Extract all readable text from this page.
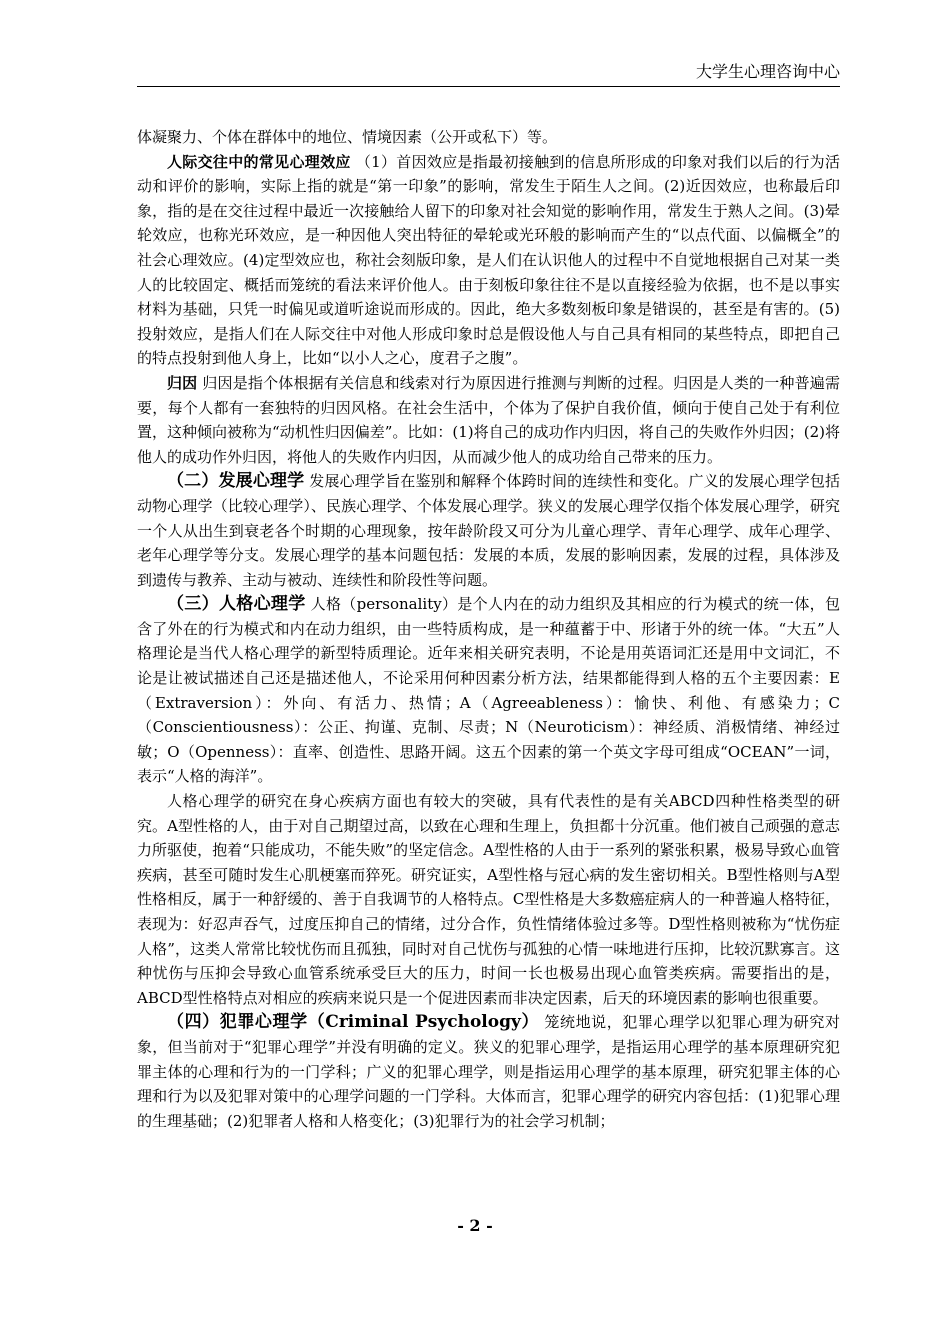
大学生心理咨询中心

体凝聚力、个体在群体中的地位、情境因素（公开或私下）等。

人际交往中的常见心理效应 （1）首因效应是指最初接触到的信息所形成的印象对我们以后的行为活动和评价的影响，实际上指的就是“第一印象”的影响，常发生于陌生人之间。(2)近因效应，也称最后印象，指的是在交往过程中最近一次接触给人留下的印象对社会知觉的影响作用，常发生于熟人之间。(3)晕轮效应，也称光环效应，是一种因他人突出特征的晕轮或光环般的影响而产生的“以点代面、以偏概全”的社会心理效应。(4)定型效应也，称社会刻版印象，是人们在认识他人的过程中不自觉地根据自己对某一类人的比较固定、概括而笼统的看法来评价他人。由于刻板印象往往不是以直接经验为依据，也不是以事实材料为基础，只凭一时偏见或道听途说而形成的。因此，绝大多数刻板印象是错误的，甚至是有害的。(5)投射效应，是指人们在人际交往中对他人形成印象时总是假设他人与自己具有相同的某些特点，即把自己的特点投射到他人身上，比如“以小人之心，度君子之腹”。

归因 归因是指个体根据有关信息和线索对行为原因进行推测与判断的过程。归因是人类的一种普遍需要，每个人都有一套独特的归因风格。在社会生活中，个体为了保护自我价值，倾向于使自己处于有利位置，这种倾向被称为“动机性归因偏差”。比如：(1)将自己的成功作内归因，将自己的失败作外归因；(2)将他人的成功作外归因，将他人的失败作内归因，从而减少他人的成功给自己带来的压力。

（二）发展心理学 发展心理学旨在鉴别和解释个体跨时间的连续性和变化。广义的发展心理学包括动物心理学（比较心理学）、民族心理学、个体发展心理学。狭义的发展心理学仅指个体发展心理学，研究一个人从出生到衰老各个时期的心理现象，按年龄阶段又可分为儿童心理学、青年心理学、成年心理学、老年心理学等分支。发展心理学的基本问题包括：发展的本质，发展的影响因素，发展的过程，具体涉及到遗传与教养、主动与被动、连续性和阶段性等问题。

（三）人格心理学 人格（personality）是个人内在的动力组织及其相应的行为模式的统一体，包含了外在的行为模式和内在动力组织，由一些特质构成，是一种蕴蓄于中、形诸于外的统一体。“大五”人格理论是当代人格心理学的新型特质理论。近年来相关研究表明，不论是用英语词汇还是用中文词汇，不论是让被试描述自己还是描述他人，不论采用何种因素分析方法，结果都能得到人格的五个主要因素：E（Extraversion）：外向、有活力、热情；A（Agreeableness）：愉快、利他、有感染力；C（Conscientiousness）：公正、拘谨、克制、尽责；N（Neuroticism）：神经质、消极情绪、神经过敏；O（Openness）：直率、创造性、思路开阔。这五个因素的第一个英文字母可组成“OCEAN”一词，表示“人格的海洋”。

人格心理学的研究在身心疾病方面也有较大的突破，具有代表性的是有关ABCD四种性格类型的研究。A型性格的人，由于对自己期望过高，以致在心理和生理上，负担都十分沉重。他们被自己顽强的意志力所驱使，抱着“只能成功，不能失败”的坚定信念。A型性格的人由于一系列的紧张积累，极易导致心血管疾病，甚至可随时发生心肌梗塞而猝死。研究证实，A型性格与冠心病的发生密切相关。B型性格则与A型性格相反，属于一种舒缓的、善于自我调节的人格特点。C型性格是大多数癌症病人的一种普遍人格特征，表现为：好忍声吞气，过度压抑自己的情绪，过分合作，负性情绪体验过多等。D型性格则被称为“忧伤症人格”，这类人常常比较忧伤而且孤独，同时对自己忧伤与孤独的心情一味地进行压抑，比较沉默寡言。这种忧伤与压抑会导致心血管系统承受巨大的压力，时间一长也极易出现心血管类疾病。需要指出的是，ABCD型性格特点对相应的疾病来说只是一个促进因素而非决定因素，后天的环境因素的影响也很重要。

（四）犯罪心理学（Criminal Psychology） 笼统地说，犯罪心理学以犯罪心理为研究对象，但当前对于“犯罪心理学”并没有明确的定义。狭义的犯罪心理学，是指运用心理学的基本原理研究犯罪主体的心理和行为的一门学科；广义的犯罪心理学，则是指运用心理学的基本原理，研究犯罪主体的心理和行为以及犯罪对策中的心理学问题的一门学科。大体而言，犯罪心理学的研究内容包括：(1)犯罪心理的生理基础；(2)犯罪者人格和人格变化；(3)犯罪行为的社会学习机制；

- 2 -
